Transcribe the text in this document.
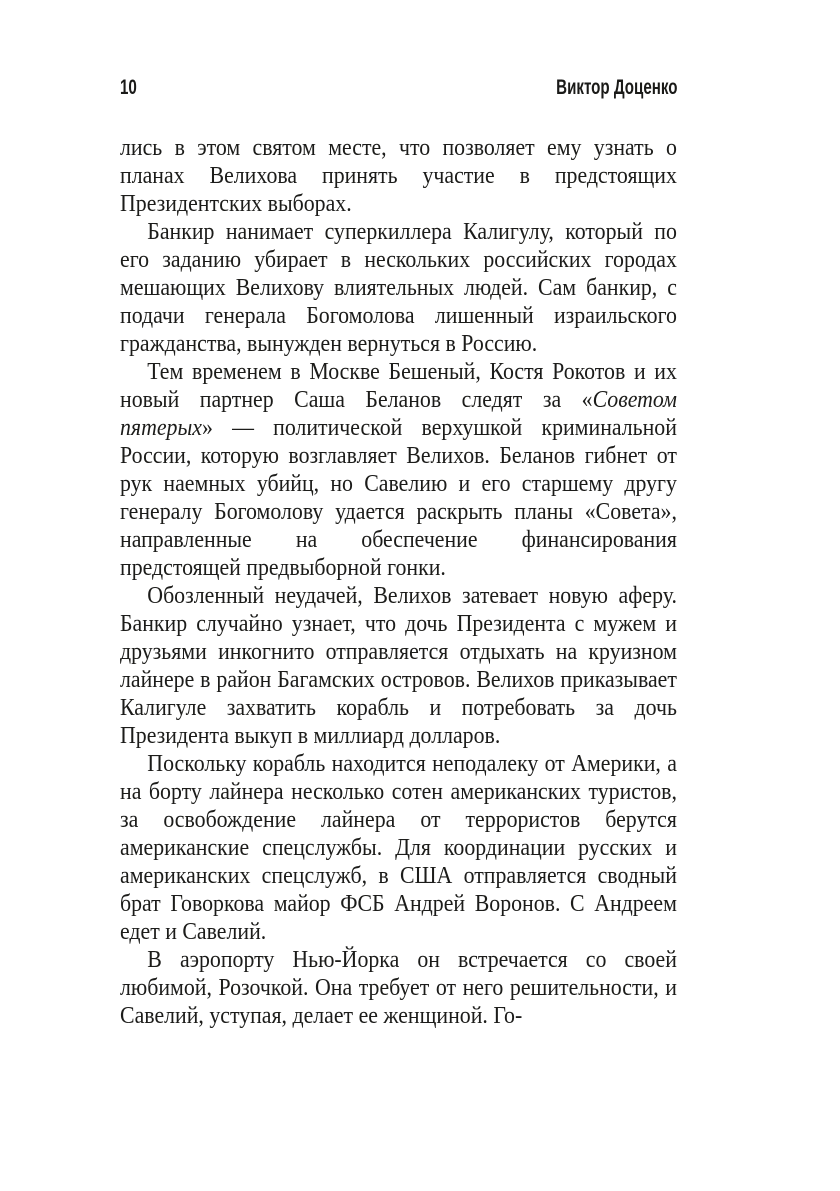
10	Виктор Доценко

лись в этом святом месте, что позволяет ему узнать о планах Велихова принять участие в предстоящих Президентских выборах.

Банкир нанимает суперкиллера Калигулу, который по его заданию убирает в нескольких российских городах мешающих Велихову влиятельных людей. Сам банкир, с подачи генерала Богомолова лишенный израильского гражданства, вынужден вернуться в Россию.

Тем временем в Москве Бешеный, Костя Рокотов и их новый партнер Саша Беланов следят за «Советом пятерых» — политической верхушкой криминальной России, которую возглавляет Велихов. Беланов гибнет от рук наемных убийц, но Савелию и его старшему другу генералу Богомолову удается раскрыть планы «Совета», направленные на обеспечение финансирования предстоящей предвыборной гонки.

Обозленный неудачей, Велихов затевает новую аферу. Банкир случайно узнает, что дочь Президента с мужем и друзьями инкогнито отправляется отдыхать на круизном лайнере в район Багамских островов. Велихов приказывает Калигуле захватить корабль и потребовать за дочь Президента выкуп в миллиард долларов.

Поскольку корабль находится неподалеку от Америки, а на борту лайнера несколько сотен американских туристов, за освобождение лайнера от террористов берутся американские спецслужбы. Для координации русских и американских спецслужб, в США отправляется сводный брат Говоркова майор ФСБ Андрей Воронов. С Андреем едет и Савелий.

В аэропорту Нью-Йорка он встречается со своей любимой, Розочкой. Она требует от него решительности, и Савелий, уступая, делает ее женщиной. Го-
